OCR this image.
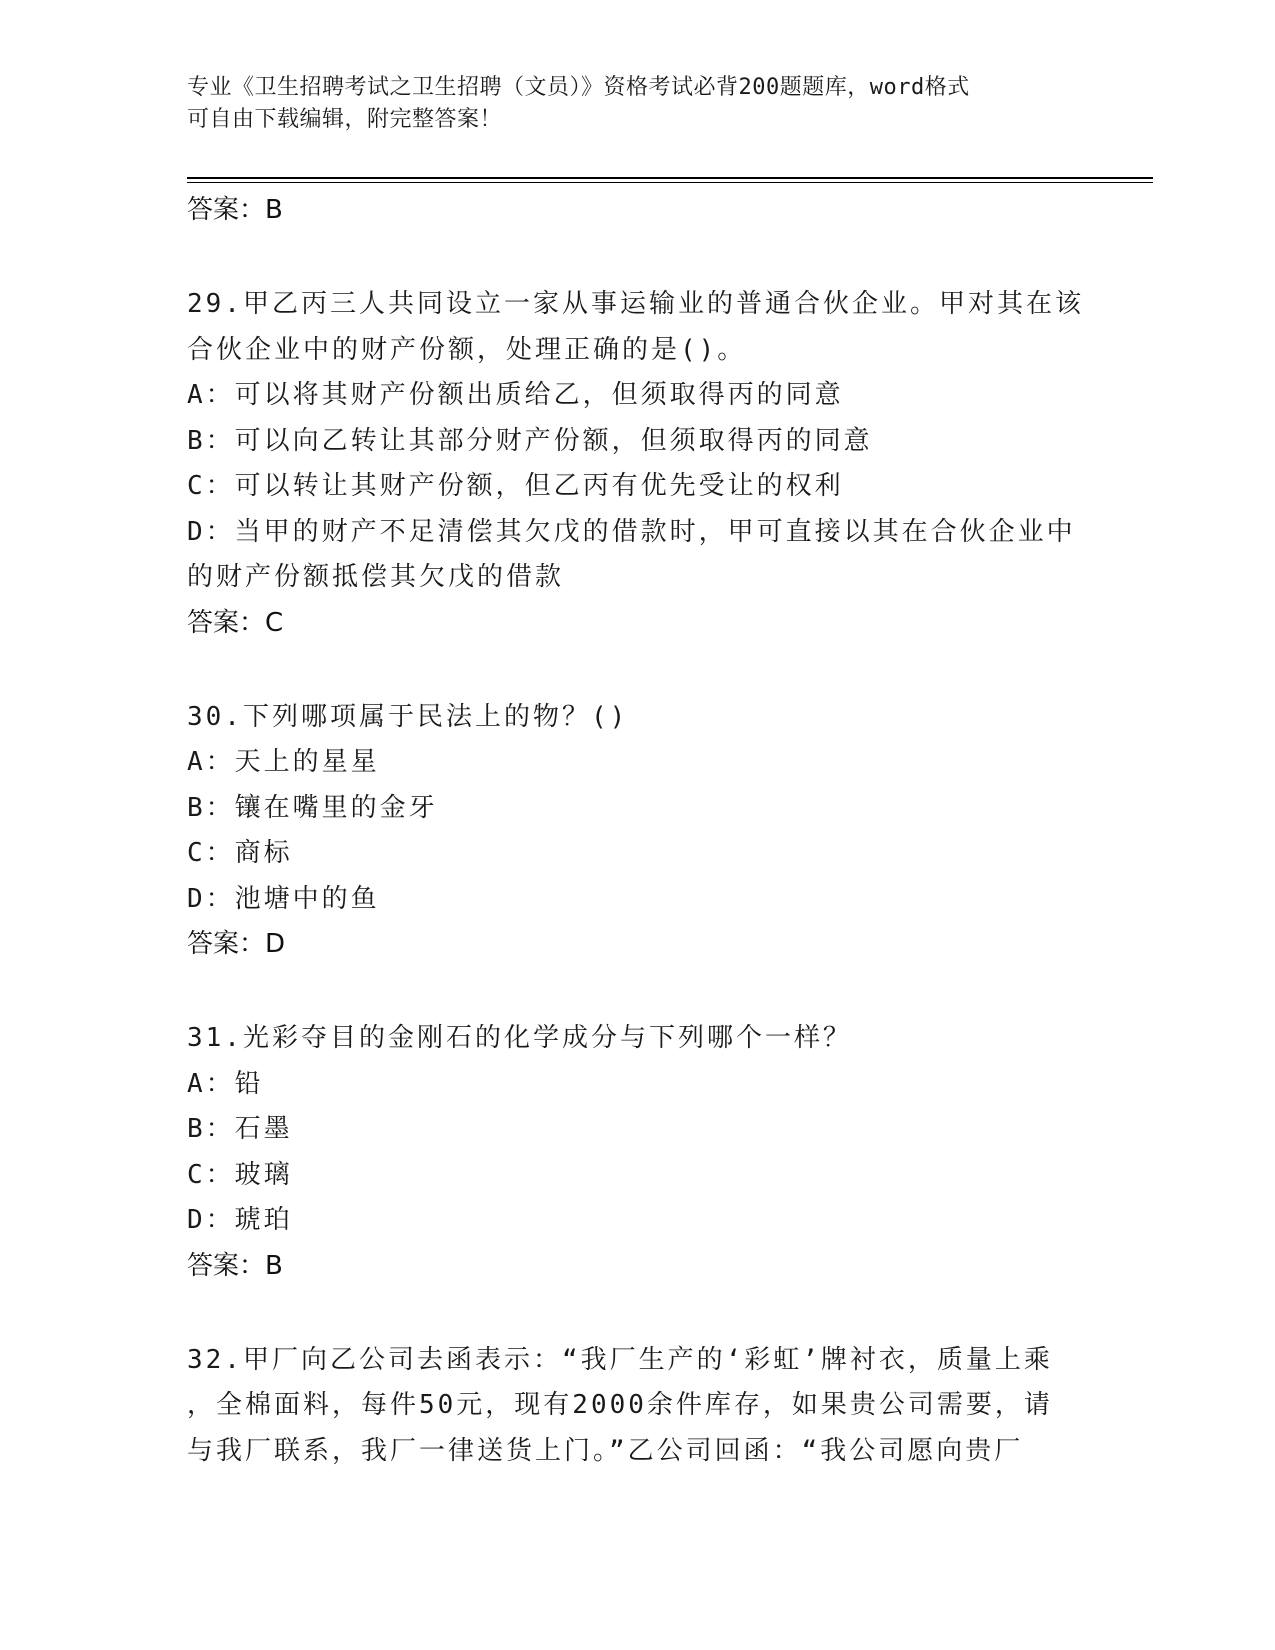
专业《卫生招聘考试之卫生招聘（文员）》资格考试必背200题题库，word格式
可自由下载编辑，附完整答案！
答案：B
29.甲乙丙三人共同设立一家从事运输业的普通合伙企业。甲对其在该
合伙企业中的财产份额，处理正确的是()。
A：可以将其财产份额出质给乙，但须取得丙的同意
B：可以向乙转让其部分财产份额，但须取得丙的同意
C：可以转让其财产份额，但乙丙有优先受让的权利
D：当甲的财产不足清偿其欠戊的借款时，甲可直接以其在合伙企业中
的财产份额抵偿其欠戊的借款
答案：C
30.下列哪项属于民法上的物？()
A：天上的星星
B：镶在嘴里的金牙
C：商标
D：池塘中的鱼
答案：D
31.光彩夺目的金刚石的化学成分与下列哪个一样？
A：铅
B：石墨
C：玻璃
D：琥珀
答案：B
32.甲厂向乙公司去函表示：“我厂生产的‘彩虹’牌衬衣，质量上乘
，全棉面料，每件50元，现有2000余件库存，如果贵公司需要，请
与我厂联系，我厂一律送货上门。”乙公司回函：“我公司愿向贵厂
